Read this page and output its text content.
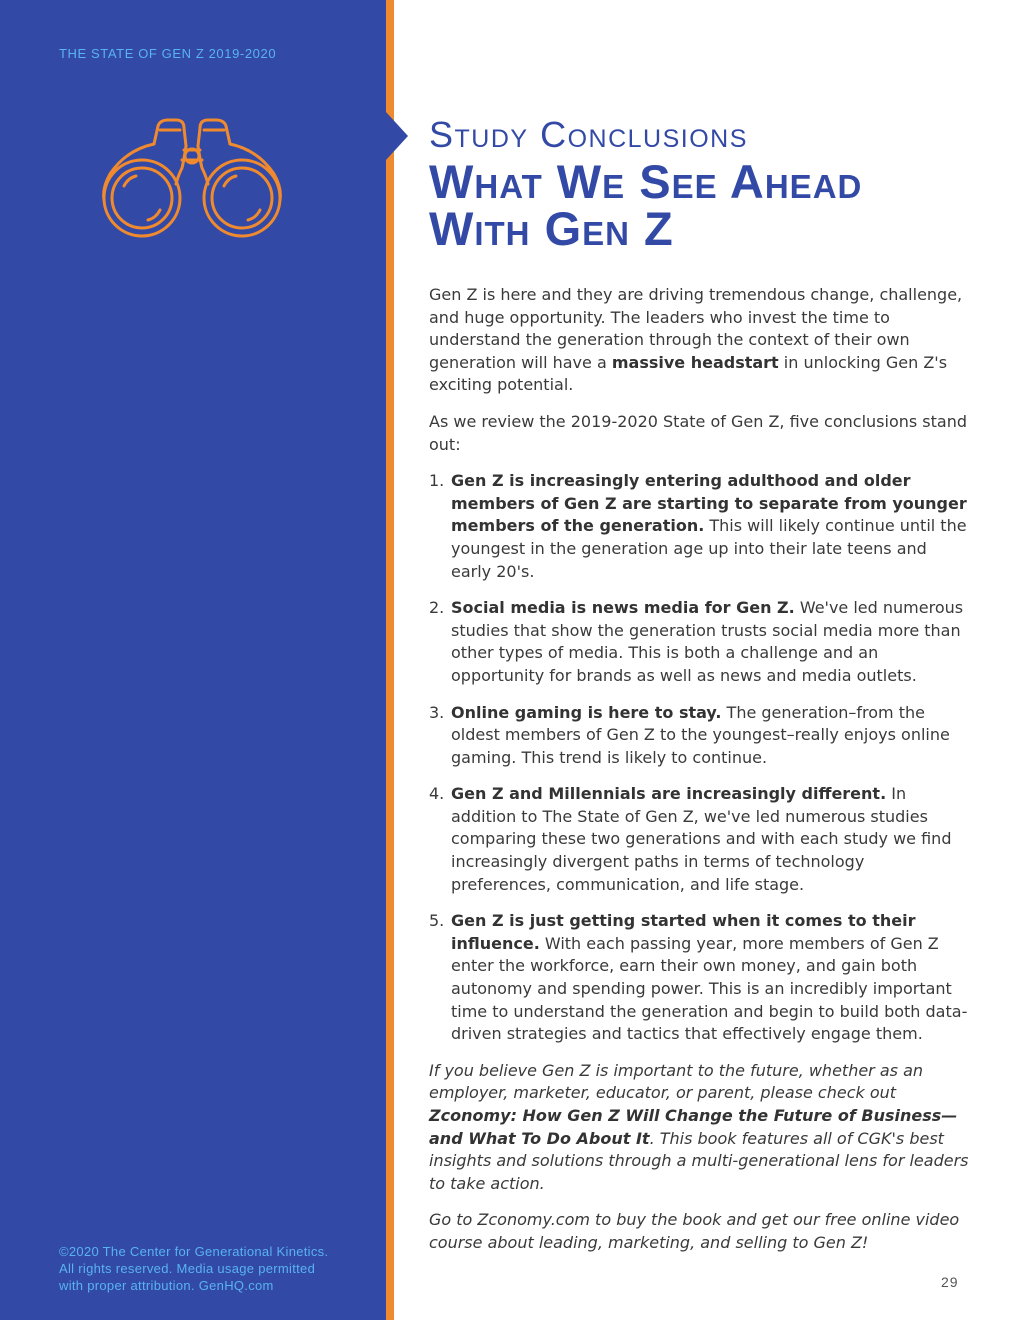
THE STATE OF GEN Z 2019-2020
©2020 The Center for Generational Kinetics.
All rights reserved. Media usage permitted
with proper attribution. GenHQ.com
Study Conclusions
What We See Ahead
With Gen Z

Gen Z is here and they are driving tremendous change, challenge, and huge opportunity. The leaders who invest the time to understand the generation through the context of their own generation will have a massive headstart in unlocking Gen Z's exciting potential.

As we review the 2019-2020 State of Gen Z, five conclusions stand out:

1. Gen Z is increasingly entering adulthood and older members of Gen Z are starting to separate from younger members of the generation. This will likely continue until the youngest in the generation age up into their late teens and early 20's.
2. Social media is news media for Gen Z. We've led numerous studies that show the generation trusts social media more than other types of media. This is both a challenge and an opportunity for brands as well as news and media outlets.
3. Online gaming is here to stay. The generation–from the oldest members of Gen Z to the youngest–really enjoys online gaming. This trend is likely to continue.
4. Gen Z and Millennials are increasingly different. In addition to The State of Gen Z, we've led numerous studies comparing these two generations and with each study we find increasingly divergent paths in terms of technology preferences, communication, and life stage.
5. Gen Z is just getting started when it comes to their influence. With each passing year, more members of Gen Z enter the workforce, earn their own money, and gain both autonomy and spending power. This is an incredibly important time to understand the generation and begin to build both data-driven strategies and tactics that effectively engage them.

If you believe Gen Z is important to the future, whether as an employer, marketer, educator, or parent, please check out Zconomy: How Gen Z Will Change the Future of Business—and What To Do About It. This book features all of CGK's best insights and solutions through a multi-generational lens for leaders to take action.

Go to Zconomy.com to buy the book and get our free online video course about leading, marketing, and selling to Gen Z!

29
